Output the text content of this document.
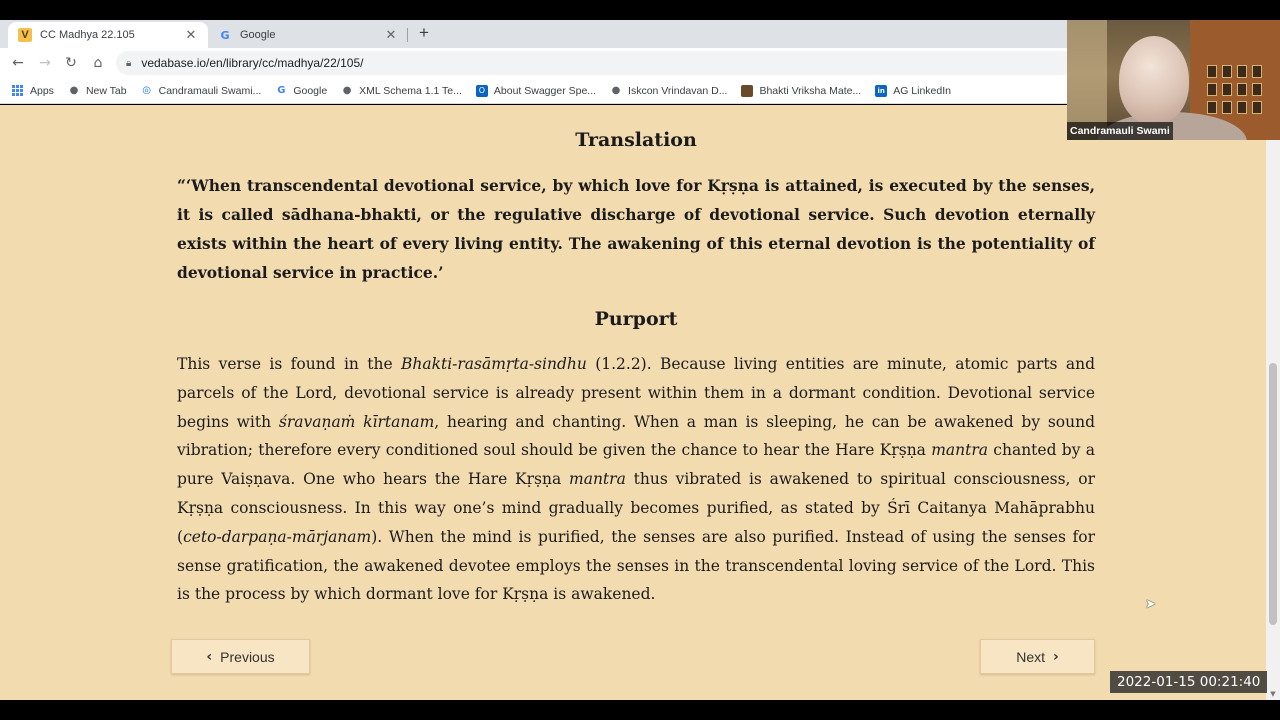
V	CC Madhya 22.105	✕ G Google	✕ +
←	→	↻	⌂	🔒︎ vedabase.io/en/library/cc/madhya/22/105/
Apps ● New Tab ◎ Candramauli Swami... G Google ● XML Schema 1.1 Te...	O About Swagger Spe... ● Iskcon Vrindavan D...	Bhakti Vriksha Mate...	in AG LinkedIn
Translation
“‘When transcendental devotional service, by which love for Kṛṣṇa is attained, is executed by the senses, it is called sādhana-bhakti, or the regulative discharge of devotional service. Such devotion eternally exists within the heart of every living entity. The awakening of this eternal devotion is the potentiality of devotional service in practice.’
Purport
This verse is found in the Bhakti-rasāmṛta-sindhu (1.2.2). Because living entities are minute, atomic parts and parcels of the Lord, devotional service is already present within them in a dormant condition. Devotional service begins with śravaṇaṁ kīrtanam, hearing and chanting. When a man is sleeping, he can be awakened by sound vibration; therefore every conditioned soul should be given the chance to hear the Hare Kṛṣṇa mantra chanted by a pure Vaiṣṇava. One who hears the Hare Kṛṣṇa mantra thus vibrated is awakened to spiritual consciousness, or Kṛṣṇa consciousness. In this way one’s mind gradually becomes purified, as stated by Śrī Caitanya Mahāprabhu (ceto-darpaṇa-mārjanam). When the mind is purified, the senses are also purified. Instead of using the senses for sense gratification, the awakened devotee employs the senses in the transcendental loving service of the Lord. This is the process by which dormant love for Kṛṣṇa is awakened.
‹ Previous	Next ›
▼
Candramauli Swami
2022-01-15 00:21:40
➤
